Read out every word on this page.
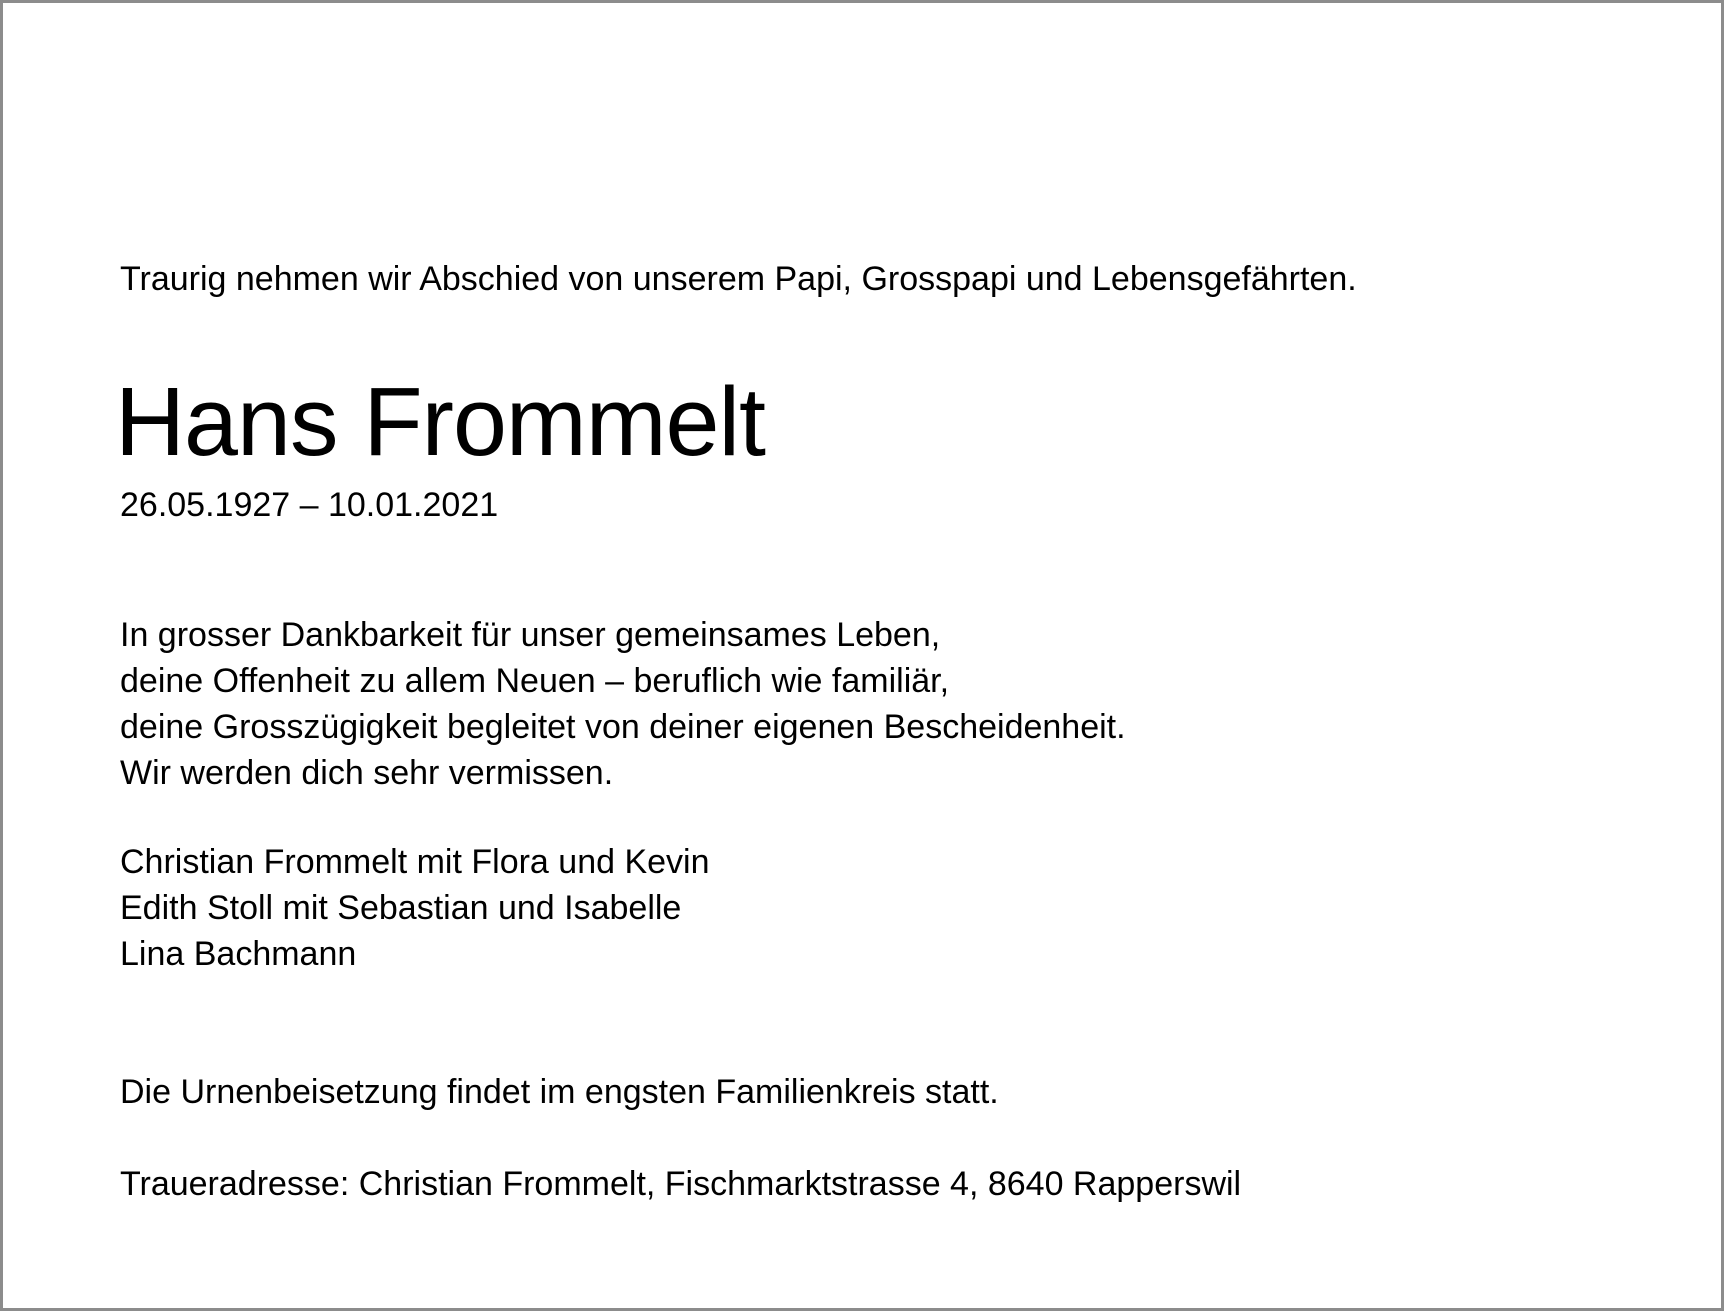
Traurig nehmen wir Abschied von unserem Papi, Grosspapi und Lebensgefährten.

Hans Frommelt

26.05.1927 – 10.01.2021

In grosser Dankbarkeit für unser gemeinsames Leben,
deine Offenheit zu allem Neuen – beruflich wie familiär,
deine Grosszügigkeit begleitet von deiner eigenen Bescheidenheit.
Wir werden dich sehr vermissen.
Christian Frommelt mit Flora und Kevin
Edith Stoll mit Sebastian und Isabelle
Lina Bachmann

Die Urnenbeisetzung findet im engsten Familienkreis statt.

Traueradresse: Christian Frommelt, Fischmarktstrasse 4, 8640 Rapperswil
